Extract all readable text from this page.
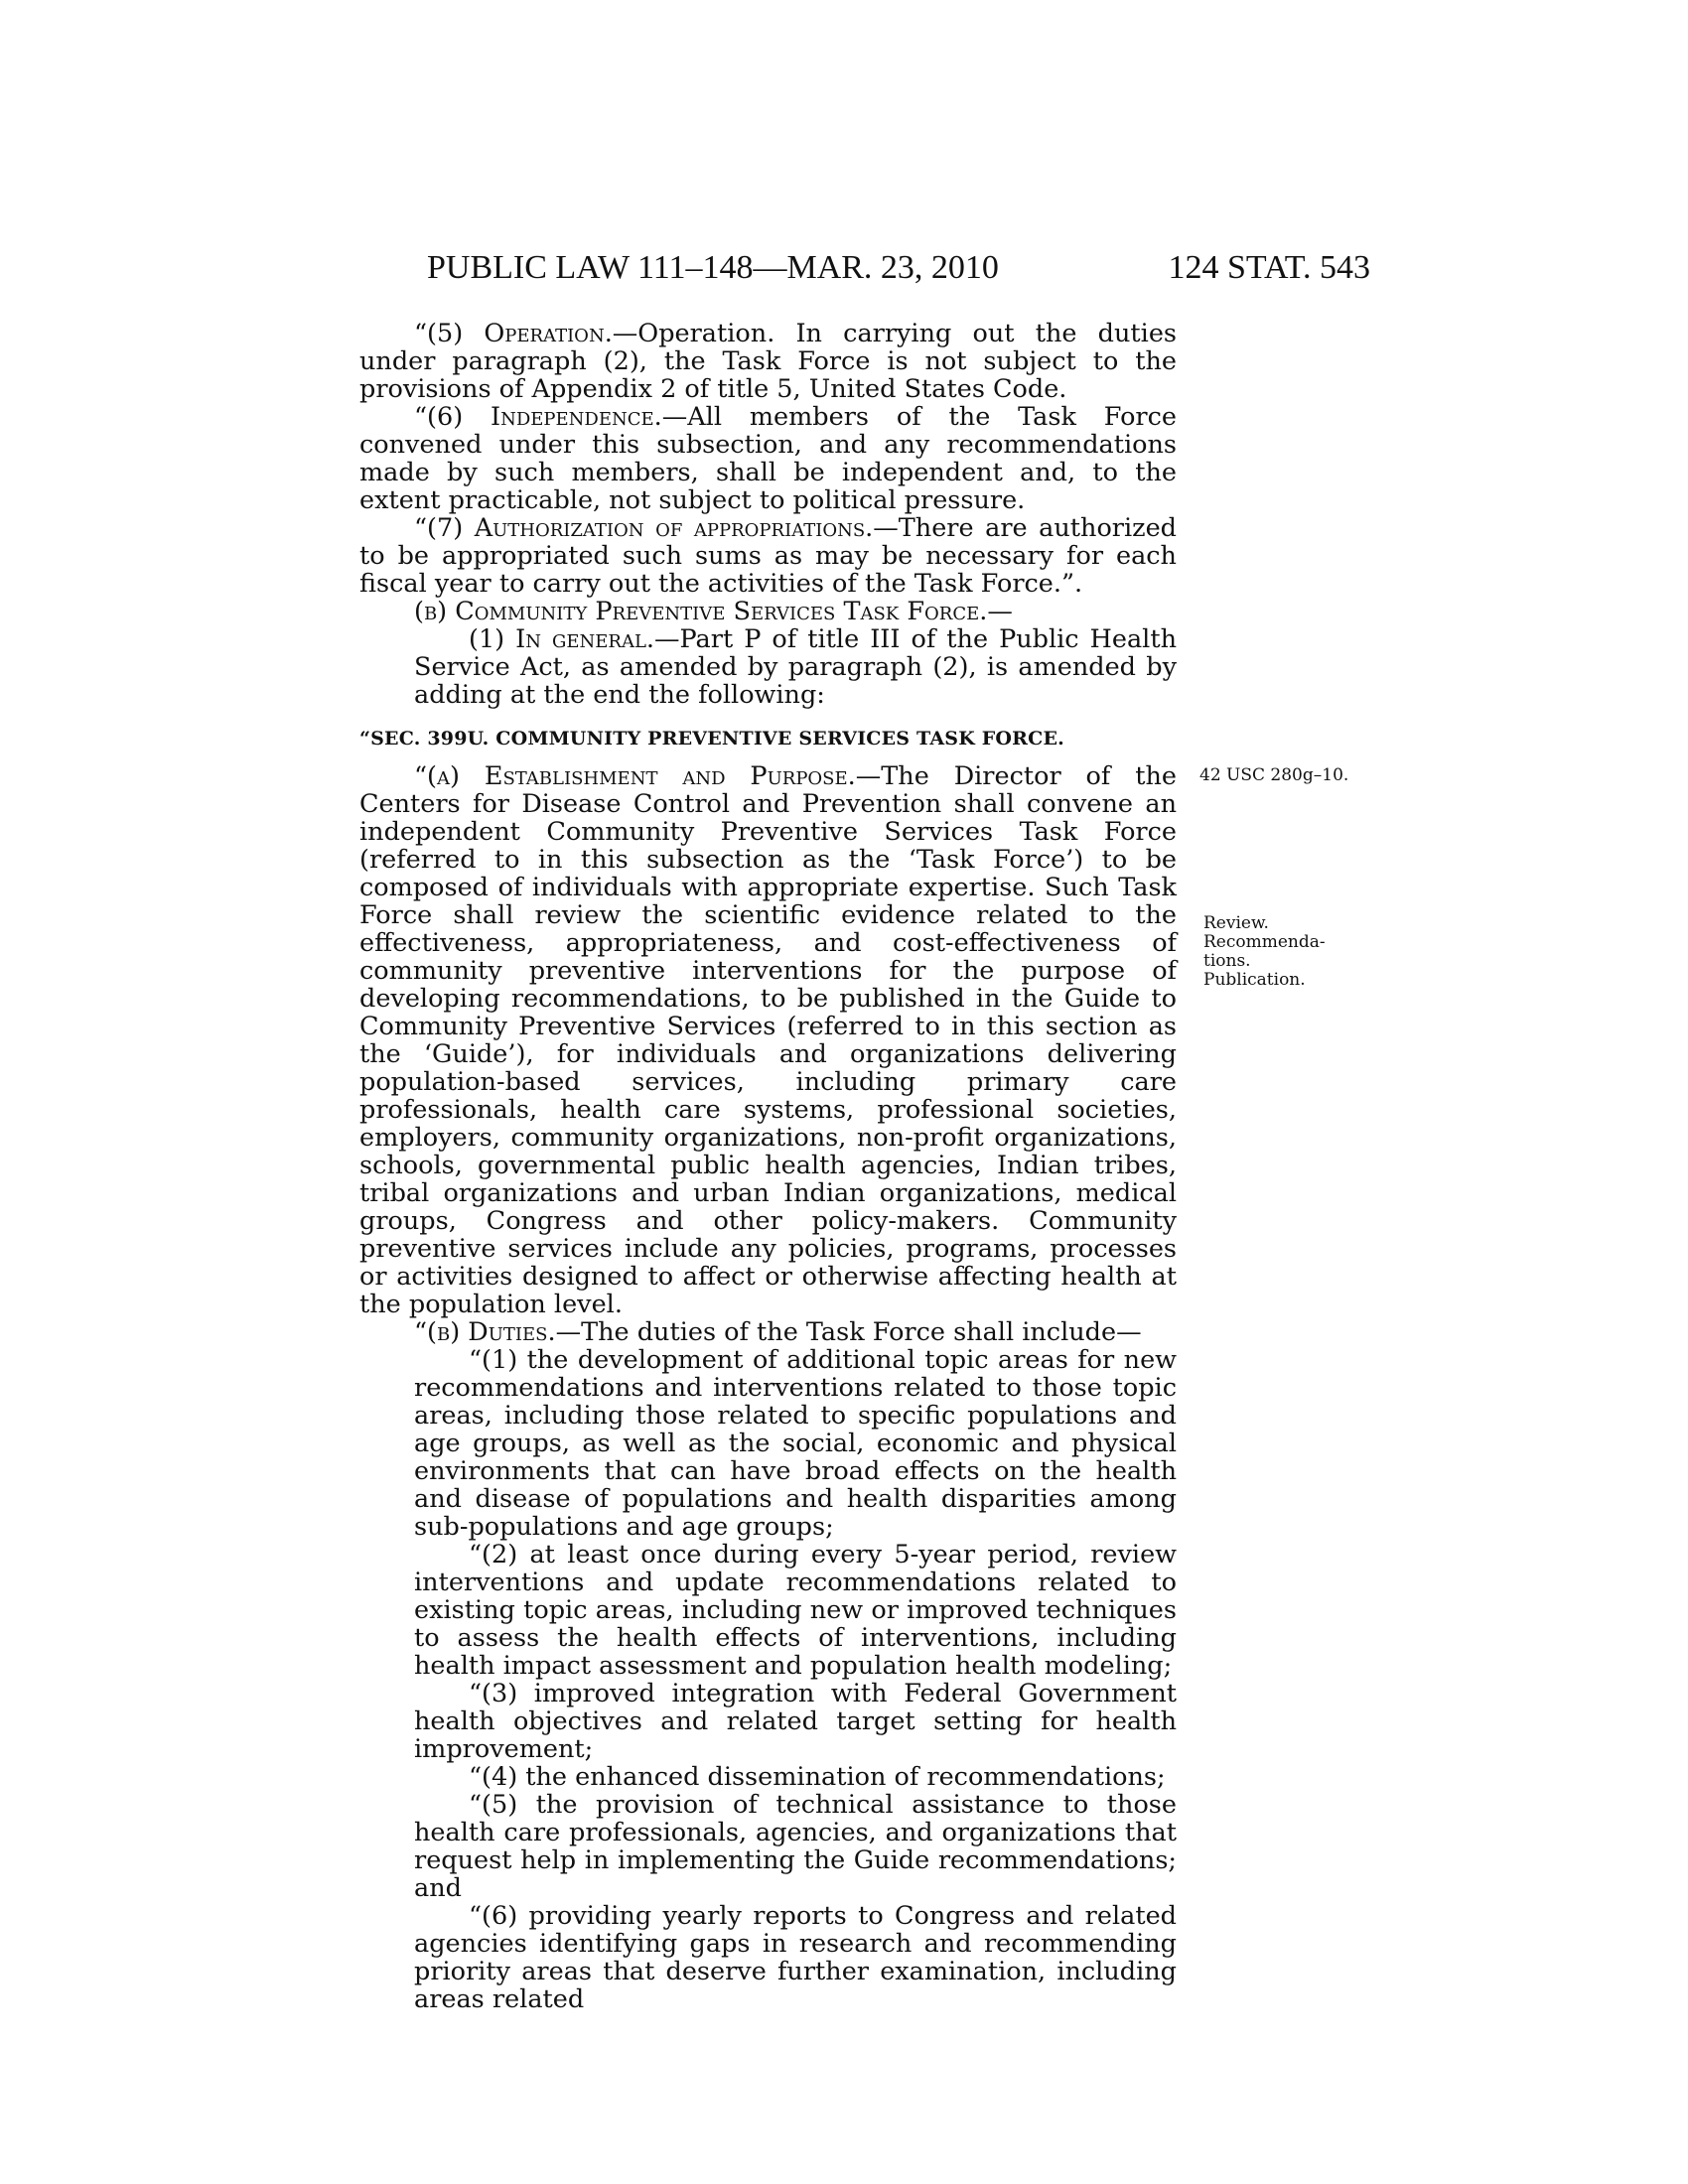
PUBLIC LAW 111–148—MAR. 23, 2010	124 STAT. 543
42 USC 280g–10.
Review.
Recommenda-
tions.
Publication.

“(5) Operation.—Operation. In carrying out the duties under paragraph (2), the Task Force is not subject to the provisions of Appendix 2 of title 5, United States Code.

“(6) Independence.—All members of the Task Force convened under this subsection, and any recommendations made by such members, shall be independent and, to the extent practicable, not subject to political pressure.

“(7) Authorization of appropriations.—There are authorized to be appropriated such sums as may be necessary for each fiscal year to carry out the activities of the Task Force.”.

(b) Community Preventive Services Task Force.—

(1) In general.—Part P of title III of the Public Health Service Act, as amended by paragraph (2), is amended by adding at the end the following:

“SEC. 399U. COMMUNITY PREVENTIVE SERVICES TASK FORCE.

“(a) Establishment and Purpose.—The Director of the Centers for Disease Control and Prevention shall convene an independent Community Preventive Services Task Force (referred to in this subsection as the ‘Task Force’) to be composed of individuals with appropriate expertise. Such Task Force shall review the scientific evidence related to the effectiveness, appropriateness, and cost-effectiveness of community preventive interventions for the purpose of developing recommendations, to be published in the Guide to Community Preventive Services (referred to in this section as the ‘Guide’), for individuals and organizations delivering population-based services, including primary care professionals, health care systems, professional societies, employers, community organizations, non-profit organizations, schools, governmental public health agencies, Indian tribes, tribal organizations and urban Indian organizations, medical groups, Congress and other policy-makers. Community preventive services include any policies, programs, processes or activities designed to affect or otherwise affecting health at the population level.

“(b) Duties.—The duties of the Task Force shall include—

“(1) the development of additional topic areas for new recommendations and interventions related to those topic areas, including those related to specific populations and age groups, as well as the social, economic and physical environments that can have broad effects on the health and disease of populations and health disparities among sub-populations and age groups;

“(2) at least once during every 5-year period, review interventions and update recommendations related to existing topic areas, including new or improved techniques to assess the health effects of interventions, including health impact assessment and population health modeling;

“(3) improved integration with Federal Government health objectives and related target setting for health improvement;

“(4) the enhanced dissemination of recommendations;

“(5) the provision of technical assistance to those health care professionals, agencies, and organizations that request help in implementing the Guide recommendations; and

“(6) providing yearly reports to Congress and related agencies identifying gaps in research and recommending priority areas that deserve further examination, including areas related
